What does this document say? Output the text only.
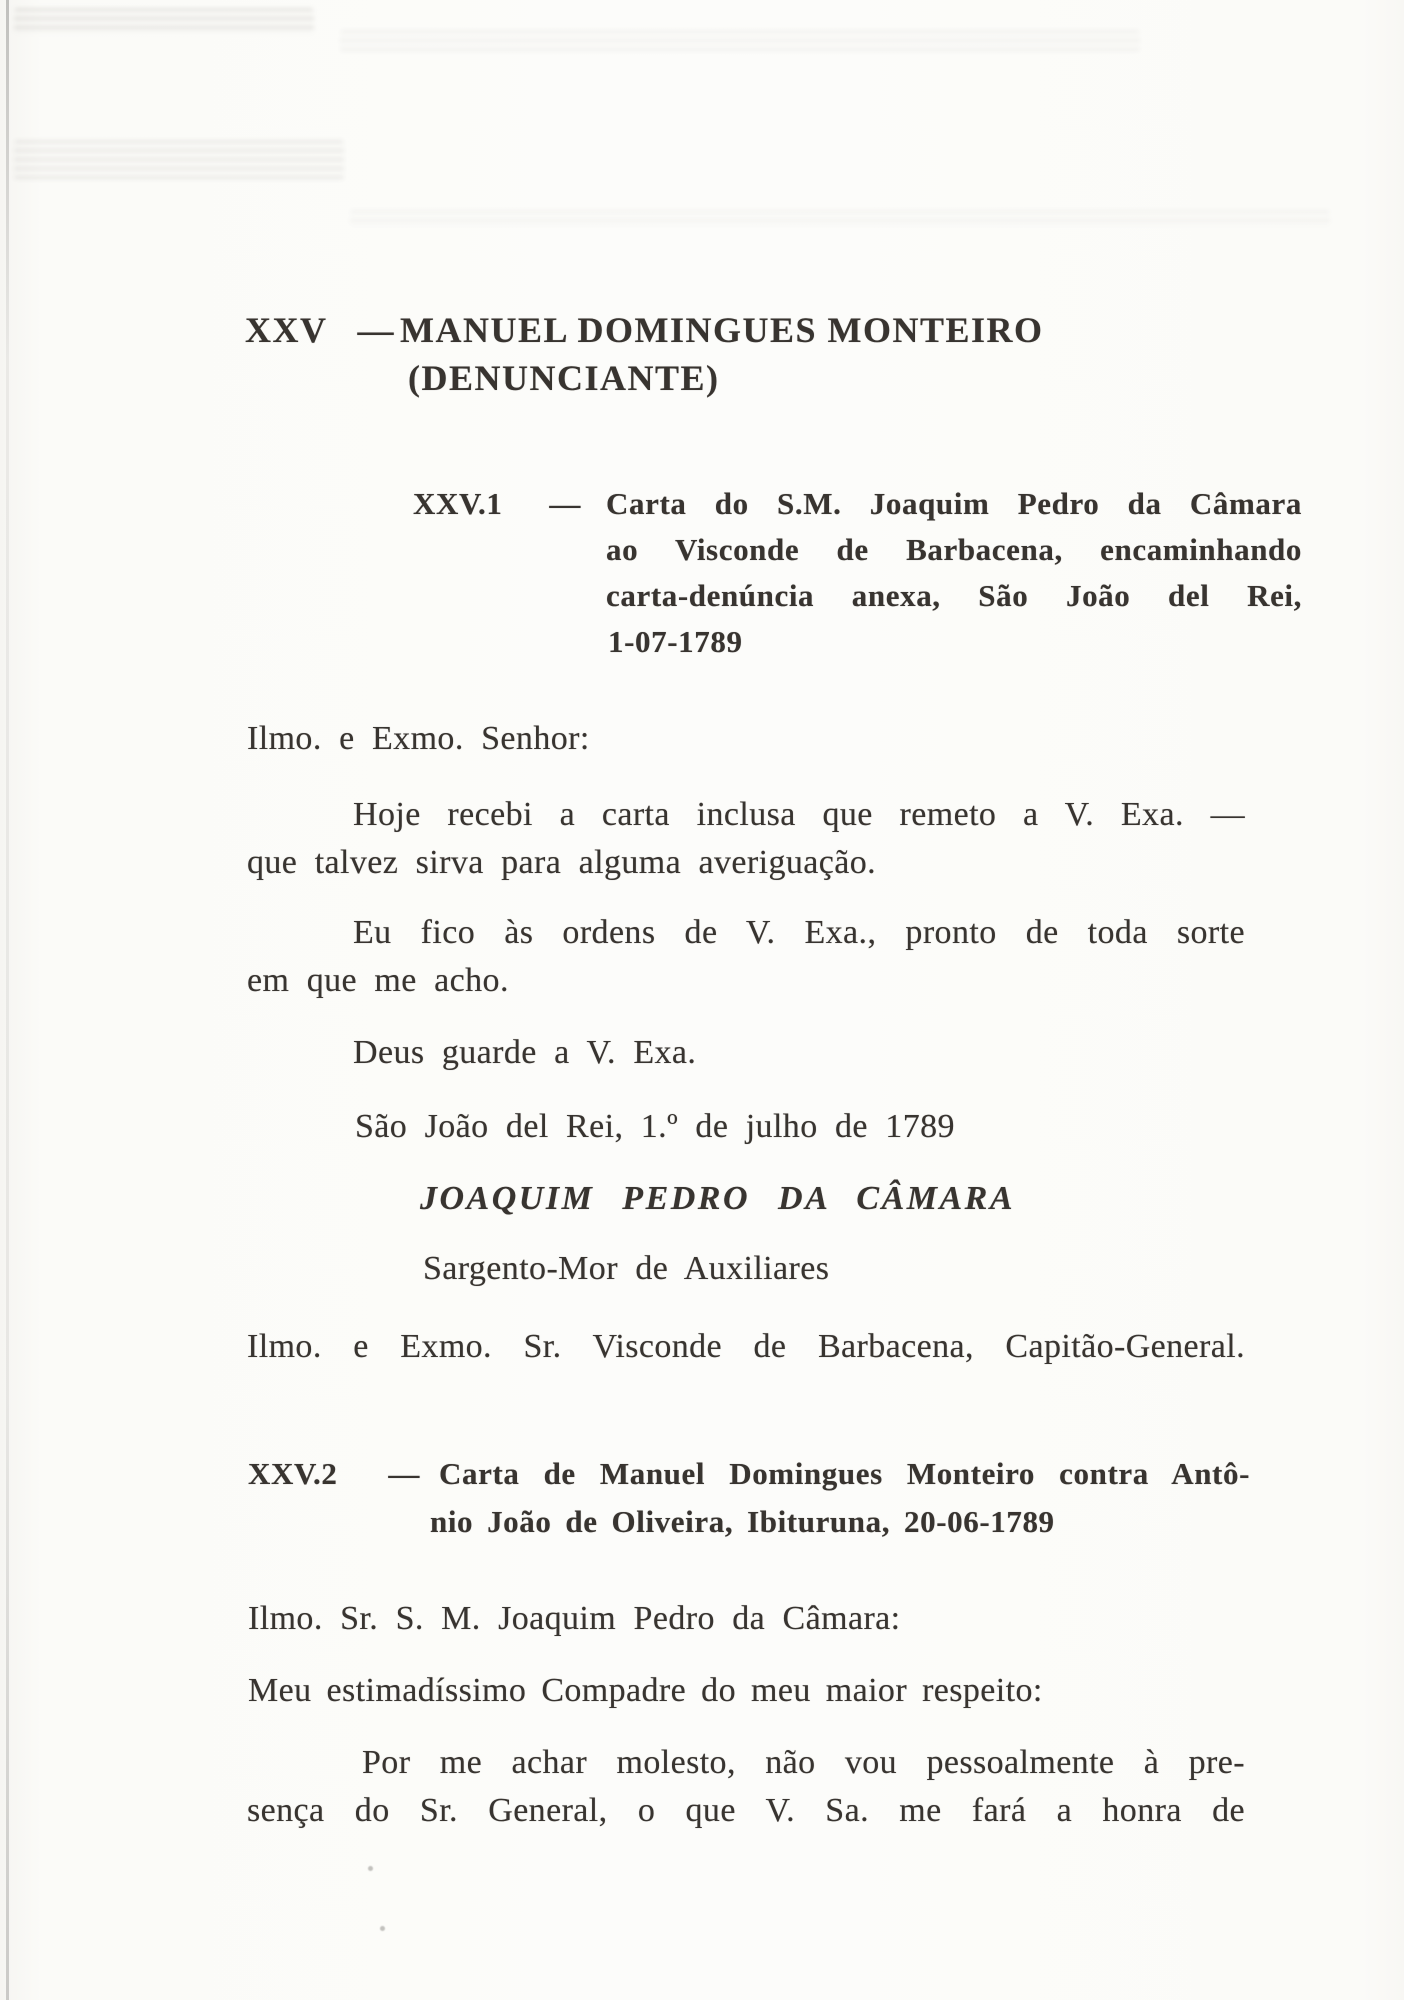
XXV — MANUEL DOMINGUES MONTEIRO
(DENUNCIANTE)
XXV.1 — Carta do S.M. Joaquim Pedro da Câmara
ao Visconde de Barbacena, encaminhando
carta-denúncia anexa, São João del Rei,
1-07-1789
Ilmo. e Exmo. Senhor:
Hoje recebi a carta inclusa que remeto a V. Exa. —
que talvez sirva para alguma averiguação.
Eu fico às ordens de V. Exa., pronto de toda sorte
em que me acho.
Deus guarde a V. Exa.
São João del Rei, 1.º de julho de 1789
JOAQUIM PEDRO DA CÂMARA
Sargento-Mor de Auxiliares
Ilmo. e Exmo. Sr. Visconde de Barbacena, Capitão-General.
XXV.2 — Carta de Manuel Domingues Monteiro contra Antô-
nio João de Oliveira, Ibituruna, 20-06-1789
Ilmo. Sr. S. M. Joaquim Pedro da Câmara:
Meu estimadíssimo Compadre do meu maior respeito:
Por me achar molesto, não vou pessoalmente à pre-
sença do Sr. General, o que V. Sa. me fará a honra de
